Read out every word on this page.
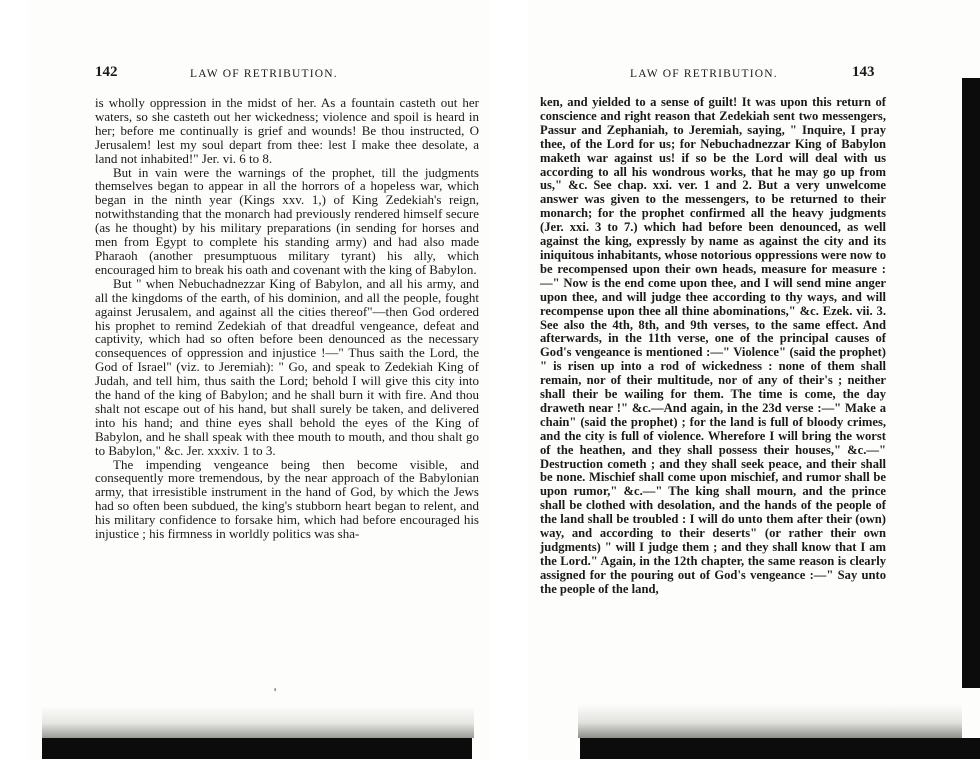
142	LAW OF RETRIBUTION.	LAW OF RETRIBUTION.	143

is wholly oppression in the midst of her. As a fountain casteth out her waters, so she casteth out her wickedness; violence and spoil is heard in her; before me continually is grief and wounds! Be thou instructed, O Jerusalem! lest my soul depart from thee: lest I make thee desolate, a land not inhabited!" Jer. vi. 6 to 8.

But in vain were the warnings of the prophet, till the judgments themselves began to appear in all the horrors of a hopeless war, which began in the ninth year (Kings xxv. 1,) of King Zedekiah's reign, notwithstanding that the monarch had previously rendered himself secure (as he thought) by his military preparations (in sending for horses and men from Egypt to complete his standing army) and had also made Pharaoh (another presumptuous military tyrant) his ally, which encouraged him to break his oath and covenant with the king of Babylon.

But " when Nebuchadnezzar King of Babylon, and all his army, and all the kingdoms of the earth, of his dominion, and all the people, fought against Jerusalem, and against all the cities thereof"—then God ordered his prophet to remind Zedekiah of that dreadful vengeance, defeat and captivity, which had so often before been denounced as the necessary consequences of oppression and injustice !—" Thus saith the Lord, the God of Israel" (viz. to Jeremiah): " Go, and speak to Zedekiah King of Judah, and tell him, thus saith the Lord; behold I will give this city into the hand of the king of Babylon; and he shall burn it with fire. And thou shalt not escape out of his hand, but shall surely be taken, and delivered into his hand; and thine eyes shall behold the eyes of the King of Babylon, and he shall speak with thee mouth to mouth, and thou shalt go to Babylon," &c. Jer. xxxiv. 1 to 3.

The impending vengeance being then become visible, and consequently more tremendous, by the near approach of the Babylonian army, that irresistible instrument in the hand of God, by which the Jews had so often been subdued, the king's stubborn heart began to relent, and his military confidence to forsake him, which had before encouraged his injustice ; his firmness in worldly politics was sha-

ken, and yielded to a sense of guilt! It was upon this return of conscience and right reason that Zedekiah sent two messengers, Passur and Zephaniah, to Jeremiah, saying, " Inquire, I pray thee, of the Lord for us; for Nebuchadnezzar King of Babylon maketh war against us! if so be the Lord will deal with us according to all his wondrous works, that he may go up from us," &c. See chap. xxi. ver. 1 and 2. But a very unwelcome answer was given to the messengers, to be returned to their monarch; for the prophet confirmed all the heavy judgments (Jer. xxi. 3 to 7.) which had before been denounced, as well against the king, expressly by name as against the city and its iniquitous inhabitants, whose notorious oppressions were now to be recompensed upon their own heads, measure for measure :—" Now is the end come upon thee, and I will send mine anger upon thee, and will judge thee according to thy ways, and will recompense upon thee all thine abominations," &c. Ezek. vii. 3. See also the 4th, 8th, and 9th verses, to the same effect. And afterwards, in the 11th verse, one of the principal causes of God's vengeance is mentioned :—" Violence" (said the prophet) " is risen up into a rod of wickedness : none of them shall remain, nor of their multitude, nor of any of their's ; neither shall their be wailing for them. The time is come, the day draweth near !" &c.—And again, in the 23d verse :—" Make a chain" (said the prophet) ; for the land is full of bloody crimes, and the city is full of violence. Wherefore I will bring the worst of the heathen, and they shall possess their houses," &c.—" Destruction cometh ; and they shall seek peace, and their shall be none. Mischief shall come upon mischief, and rumor shall be upon rumor," &c.—" The king shall mourn, and the prince shall be clothed with desolation, and the hands of the people of the land shall be troubled : I will do unto them after their (own) way, and according to their deserts" (or rather their own judgments) " will I judge them ; and they shall know that I am the Lord." Again, in the 12th chapter, the same reason is clearly assigned for the pouring out of God's vengeance :—" Say unto the people of the land,

'
